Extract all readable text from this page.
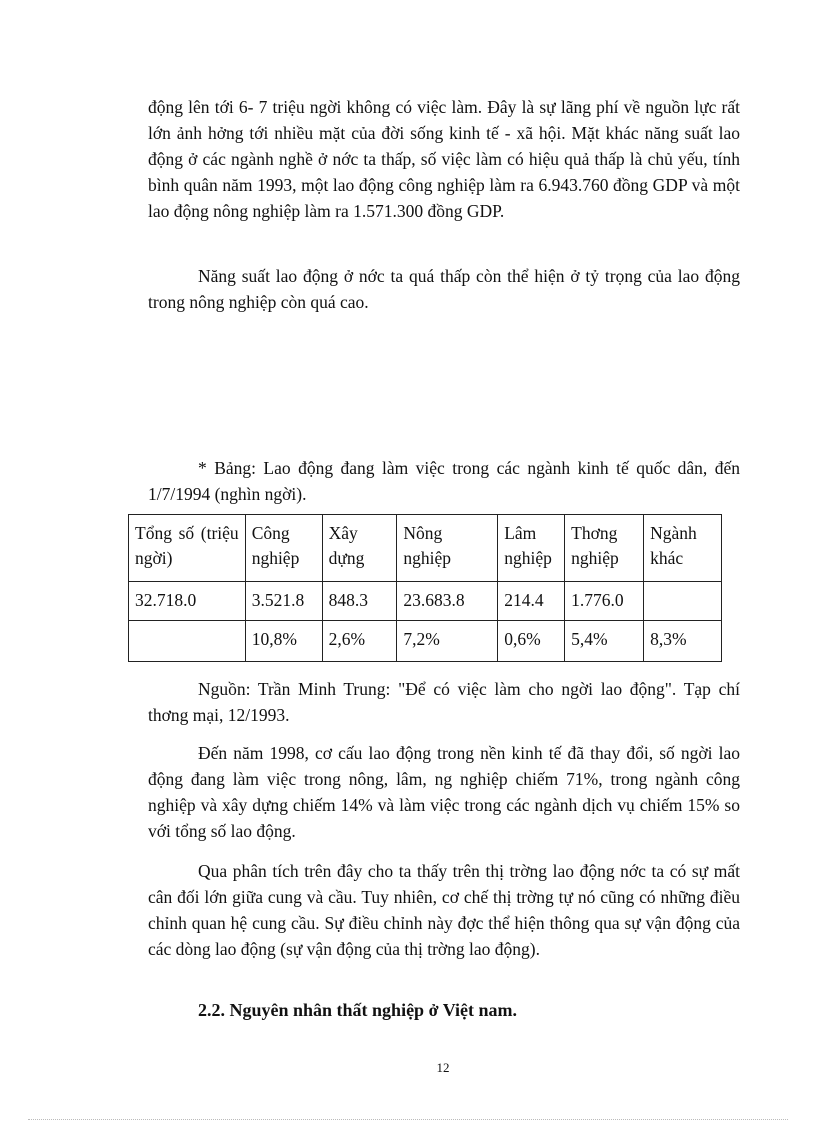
động lên tới 6- 7 triệu ngời không có việc làm. Đây là sự lãng phí về nguồn lực rất lớn ảnh hởng tới nhiều mặt của đời sống kinh tế - xã hội. Mặt khác năng suất lao động ở các ngành nghề ở nớc ta thấp, số việc làm có hiệu quả thấp là chủ yếu, tính bình quân năm 1993, một lao động công nghiệp làm ra 6.943.760 đồng GDP và một lao động nông nghiệp làm ra 1.571.300 đồng GDP.

Năng suất lao động ở nớc ta quá thấp còn thể hiện ở tỷ trọng của lao động trong nông nghiệp còn quá cao.

* Bảng: Lao động đang làm việc trong các ngành kinh tế quốc dân, đến 1/7/1994 (nghìn ngời).

Tổng số (triệu ngời)	Công nghiệp	Xây dựng	Nông nghiệp	Lâm nghiệp	Thơng nghiệp	Ngành khác
32.718.0	3.521.8	848.3	23.683.8	214.4	1.776.0	
	10,8%	2,6%	7,2%	0,6%	5,4%	8,3%

Nguồn: Trần Minh Trung: "Để có việc làm cho ngời lao động". Tạp chí thơng mại, 12/1993.

Đến năm 1998, cơ cấu lao động trong nền kinh tế đã thay đổi, số ngời lao động đang làm việc trong nông, lâm, ng nghiệp chiếm 71%, trong ngành công nghiệp và xây dựng chiếm 14% và làm việc trong các ngành dịch vụ chiếm 15% so với tổng số lao động.

Qua phân tích trên đây cho ta thấy trên thị trờng lao động nớc ta có sự mất cân đối lớn giữa cung và cầu. Tuy nhiên, cơ chế thị trờng tự nó cũng có những điều chỉnh quan hệ cung cầu. Sự điều chỉnh này đợc thể hiện thông qua sự vận động của các dòng lao động (sự vận động của thị trờng lao động).

2.2. Nguyên nhân thất nghiệp ở Việt nam.

12
